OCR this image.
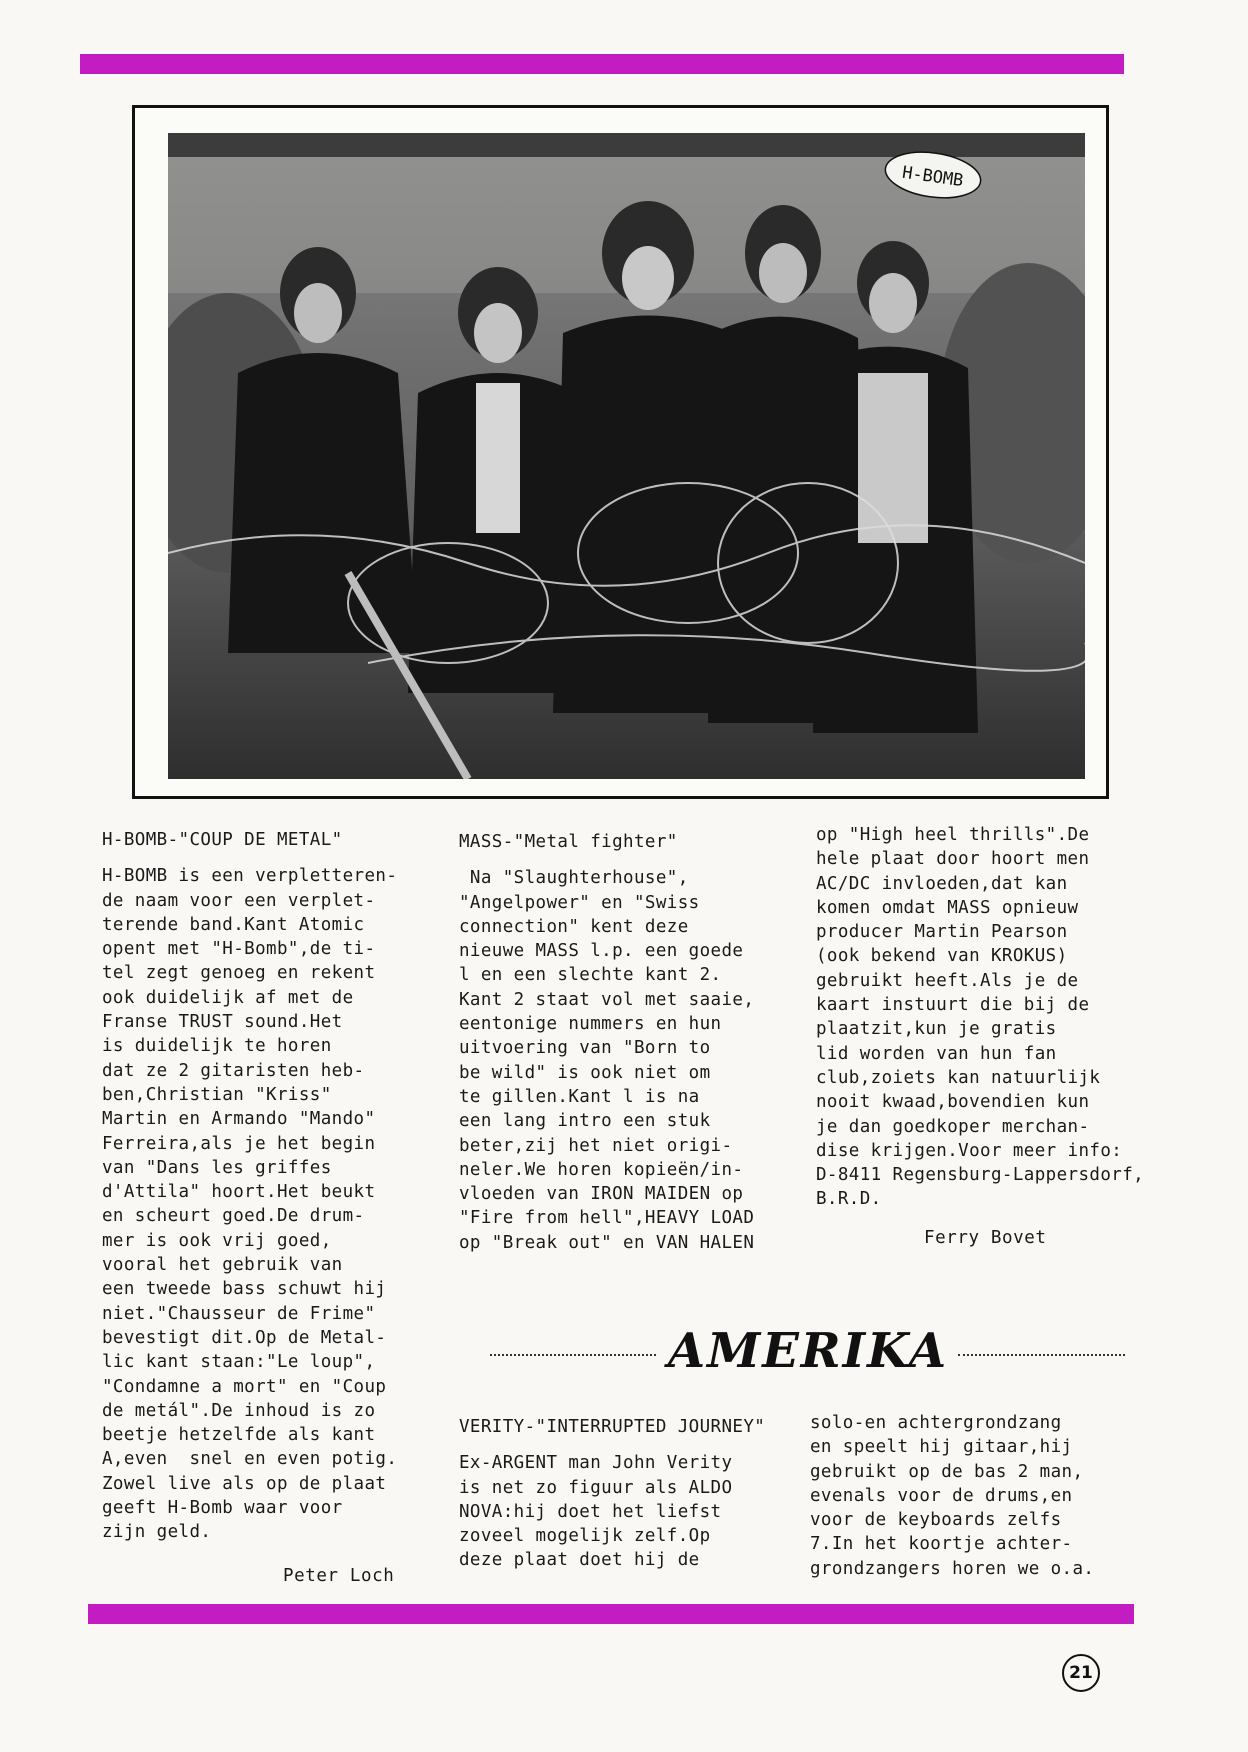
H-BOMB

H-BOMB-"COUP DE METAL"

H-BOMB is een verpletteren-

de naam voor een verplet-

terende band.Kant Atomic

opent met "H-Bomb",de ti-

tel zegt genoeg en rekent

ook duidelijk af met de

Franse TRUST sound.Het

is duidelijk te horen

dat ze 2 gitaristen heb-

ben,Christian "Kriss"

Martin en Armando "Mando"

Ferreira,als je het begin

van "Dans les griffes

d'Attila" hoort.Het beukt

en scheurt goed.De drum-

mer is ook vrij goed,

vooral het gebruik van

een tweede bass schuwt hij

niet."Chausseur de Frime"

bevestigt dit.Op de Metal-

lic kant staan:"Le loup",

"Condamne a mort" en "Coup

de metál".De inhoud is zo

beetje hetzelfde als kant

A,even  snel en even potig.

Zowel live als op de plaat

geeft H-Bomb waar voor

zijn geld.

Peter Loch

MASS-"Metal fighter"

Na "Slaughterhouse",

"Angelpower" en "Swiss

connection" kent deze

nieuwe MASS l.p. een goede

l en een slechte kant 2.

Kant 2 staat vol met saaie,

eentonige nummers en hun

uitvoering van "Born to

be wild" is ook niet om

te gillen.Kant l is na

een lang intro een stuk

beter,zij het niet origi-

neler.We horen kopieën/in-

vloeden van IRON MAIDEN op

"Fire from hell",HEAVY LOAD

op "Break out" en VAN HALEN

op "High heel thrills".De

hele plaat door hoort men

AC/DC invloeden,dat kan

komen omdat MASS opnieuw

producer Martin Pearson

(ook bekend van KROKUS)

gebruikt heeft.Als je de

kaart instuurt die bij de

plaatzit,kun je gratis

lid worden van hun fan

club,zoiets kan natuurlijk

nooit kwaad,bovendien kun

je dan goedkoper merchan-

dise krijgen.Voor meer info:

D-8411 Regensburg-Lappersdorf,

B.R.D.

Ferry Bovet
AMERIKA

VERITY-"INTERRUPTED JOURNEY"

Ex-ARGENT man John Verity

is net zo figuur als ALDO

NOVA:hij doet het liefst

zoveel mogelijk zelf.Op

deze plaat doet hij de

solo-en achtergrondzang

en speelt hij gitaar,hij

gebruikt op de bas 2 man,

evenals voor de drums,en

voor de keyboards zelfs

7.In het koortje achter-

grondzangers horen we o.a.

21
